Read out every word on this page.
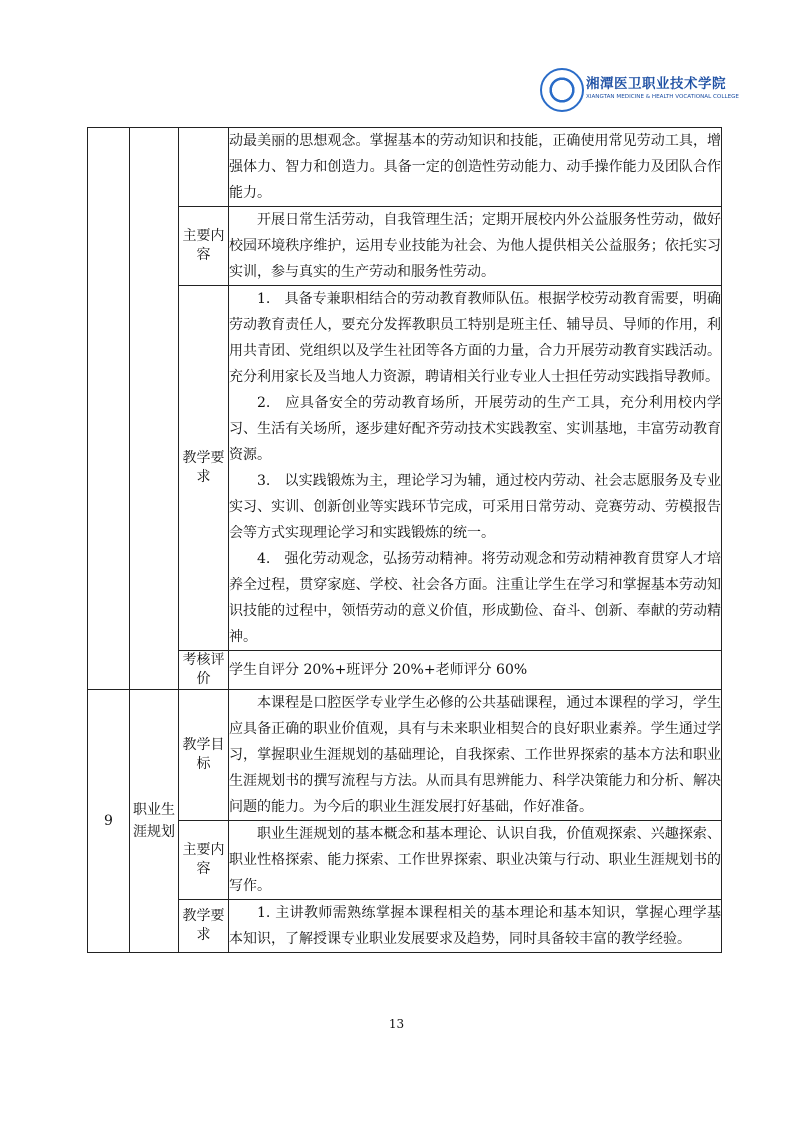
湘潭医卫职业技术学院
XIANGTAN MEDICINE & HEALTH VOCATIONAL COLLEGE

			动最美丽的思想观念。掌握基本的劳动知识和技能，正确使用常见劳动工具，增强体力、智力和创造力。具备一定的创造性劳动能力、动手操作能力及团队合作能力。

		主要内容	开展日常生活劳动，自我管理生活；定期开展校内外公益服务性劳动，做好校园环境秩序维护，运用专业技能为社会、为他人提供相关公益服务；依托实习实训，参与真实的生产劳动和服务性劳动。

		教学要求	1.　具备专兼职相结合的劳动教育教师队伍。根据学校劳动教育需要，明确劳动教育责任人，要充分发挥教职员工特别是班主任、辅导员、导师的作用，利用共青团、党组织以及学生社团等各方面的力量，合力开展劳动教育实践活动。充分利用家长及当地人力资源，聘请相关行业专业人士担任劳动实践指导教师。

2.　应具备安全的劳动教育场所，开展劳动的生产工具，充分利用校内学习、生活有关场所，逐步建好配齐劳动技术实践教室、实训基地，丰富劳动教育资源。

3.　以实践锻炼为主，理论学习为辅，通过校内劳动、社会志愿服务及专业实习、实训、创新创业等实践环节完成，可采用日常劳动、竞赛劳动、劳模报告会等方式实现理论学习和实践锻炼的统一。

4.　强化劳动观念，弘扬劳动精神。将劳动观念和劳动精神教育贯穿人才培养全过程，贯穿家庭、学校、社会各方面。注重让学生在学习和掌握基本劳动知识技能的过程中，领悟劳动的意义价值，形成勤俭、奋斗、创新、奉献的劳动精神。

		考核评价	学生自评分 20%+班评分 20%+老师评分 60%

9	职业生涯规划	教学目标	本课程是口腔医学专业学生必修的公共基础课程，通过本课程的学习，学生应具备正确的职业价值观，具有与未来职业相契合的良好职业素养。学生通过学习，掌握职业生涯规划的基础理论，自我探索、工作世界探索的基本方法和职业生涯规划书的撰写流程与方法。从而具有思辨能力、科学决策能力和分析、解决问题的能力。为今后的职业生涯发展打好基础，作好准备。

		主要内容	职业生涯规划的基本概念和基本理论、认识自我，价值观探索、兴趣探索、职业性格探索、能力探索、工作世界探索、职业决策与行动、职业生涯规划书的写作。

		教学要求	1. 主讲教师需熟练掌握本课程相关的基本理论和基本知识，掌握心理学基本知识，了解授课专业职业发展要求及趋势，同时具备较丰富的教学经验。

13
